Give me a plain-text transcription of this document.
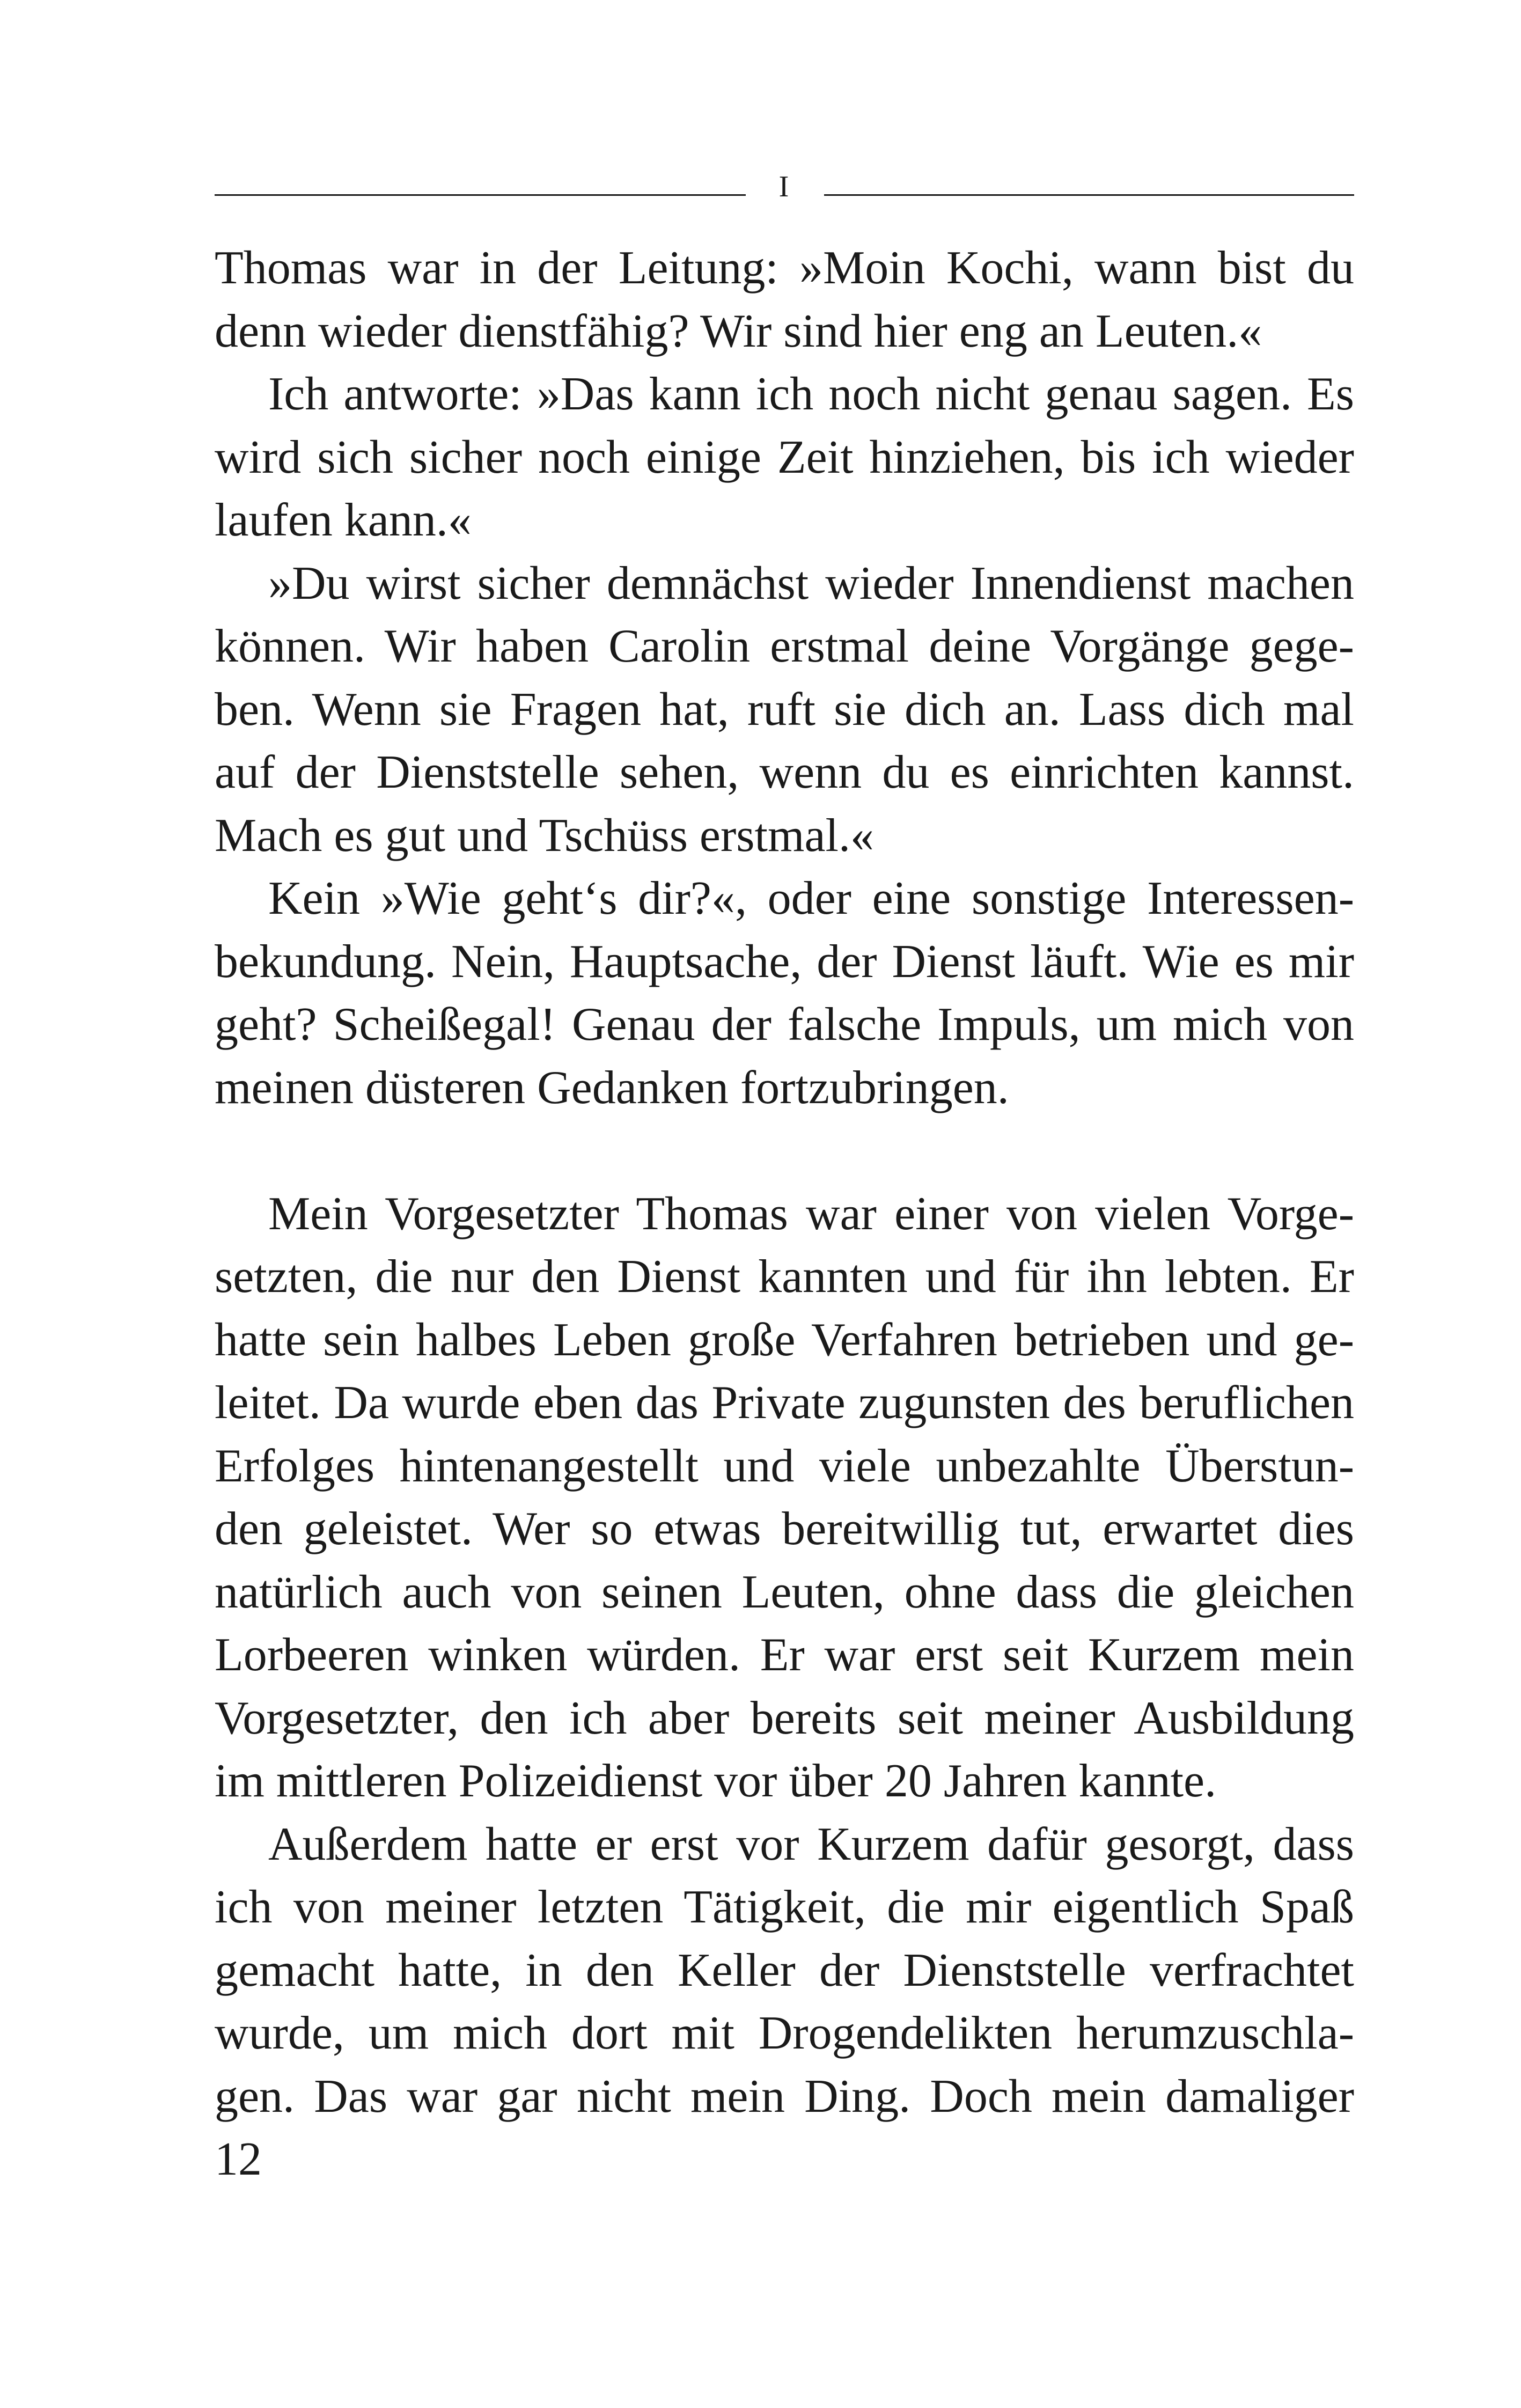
I

Thomas war in der Leitung: »Moin Kochi, wann bist du
denn wieder dienstfähig? Wir sind hier eng an Leuten.«

Ich antworte: »Das kann ich noch nicht genau sagen. Es
wird sich sicher noch einige Zeit hinziehen, bis ich wieder
laufen kann.«

»Du wirst sicher demnächst wieder Innendienst machen
können. Wir haben Carolin erstmal deine Vorgänge gege-
ben. Wenn sie Fragen hat, ruft sie dich an. Lass dich mal
auf der Dienststelle sehen, wenn du es einrichten kannst.
Mach es gut und Tschüss erstmal.«

Kein »Wie geht‘s dir?«, oder eine sonstige Interessen-
bekundung. Nein, Hauptsache, der Dienst läuft. Wie es mir
geht? Scheißegal! Genau der falsche Impuls, um mich von
meinen düsteren Gedanken fortzubringen.

Mein Vorgesetzter Thomas war einer von vielen Vorge-
setzten, die nur den Dienst kannten und für ihn lebten. Er
hatte sein halbes Leben große Verfahren betrieben und ge-
leitet. Da wurde eben das Private zugunsten des beruflichen
Erfolges hintenangestellt und viele unbezahlte Überstun-
den geleistet. Wer so etwas bereitwillig tut, erwartet dies
natürlich auch von seinen Leuten, ohne dass die gleichen
Lorbeeren winken würden. Er war erst seit Kurzem mein
Vorgesetzter, den ich aber bereits seit meiner Ausbildung
im mittleren Polizeidienst vor über 20 Jahren kannte.

Außerdem hatte er erst vor Kurzem dafür gesorgt, dass
ich von meiner letzten Tätigkeit, die mir eigentlich Spaß
gemacht hatte, in den Keller der Dienststelle verfrachtet
wurde, um mich dort mit Drogendelikten herumzuschla-
gen. Das war gar nicht mein Ding. Doch mein damaliger

12
